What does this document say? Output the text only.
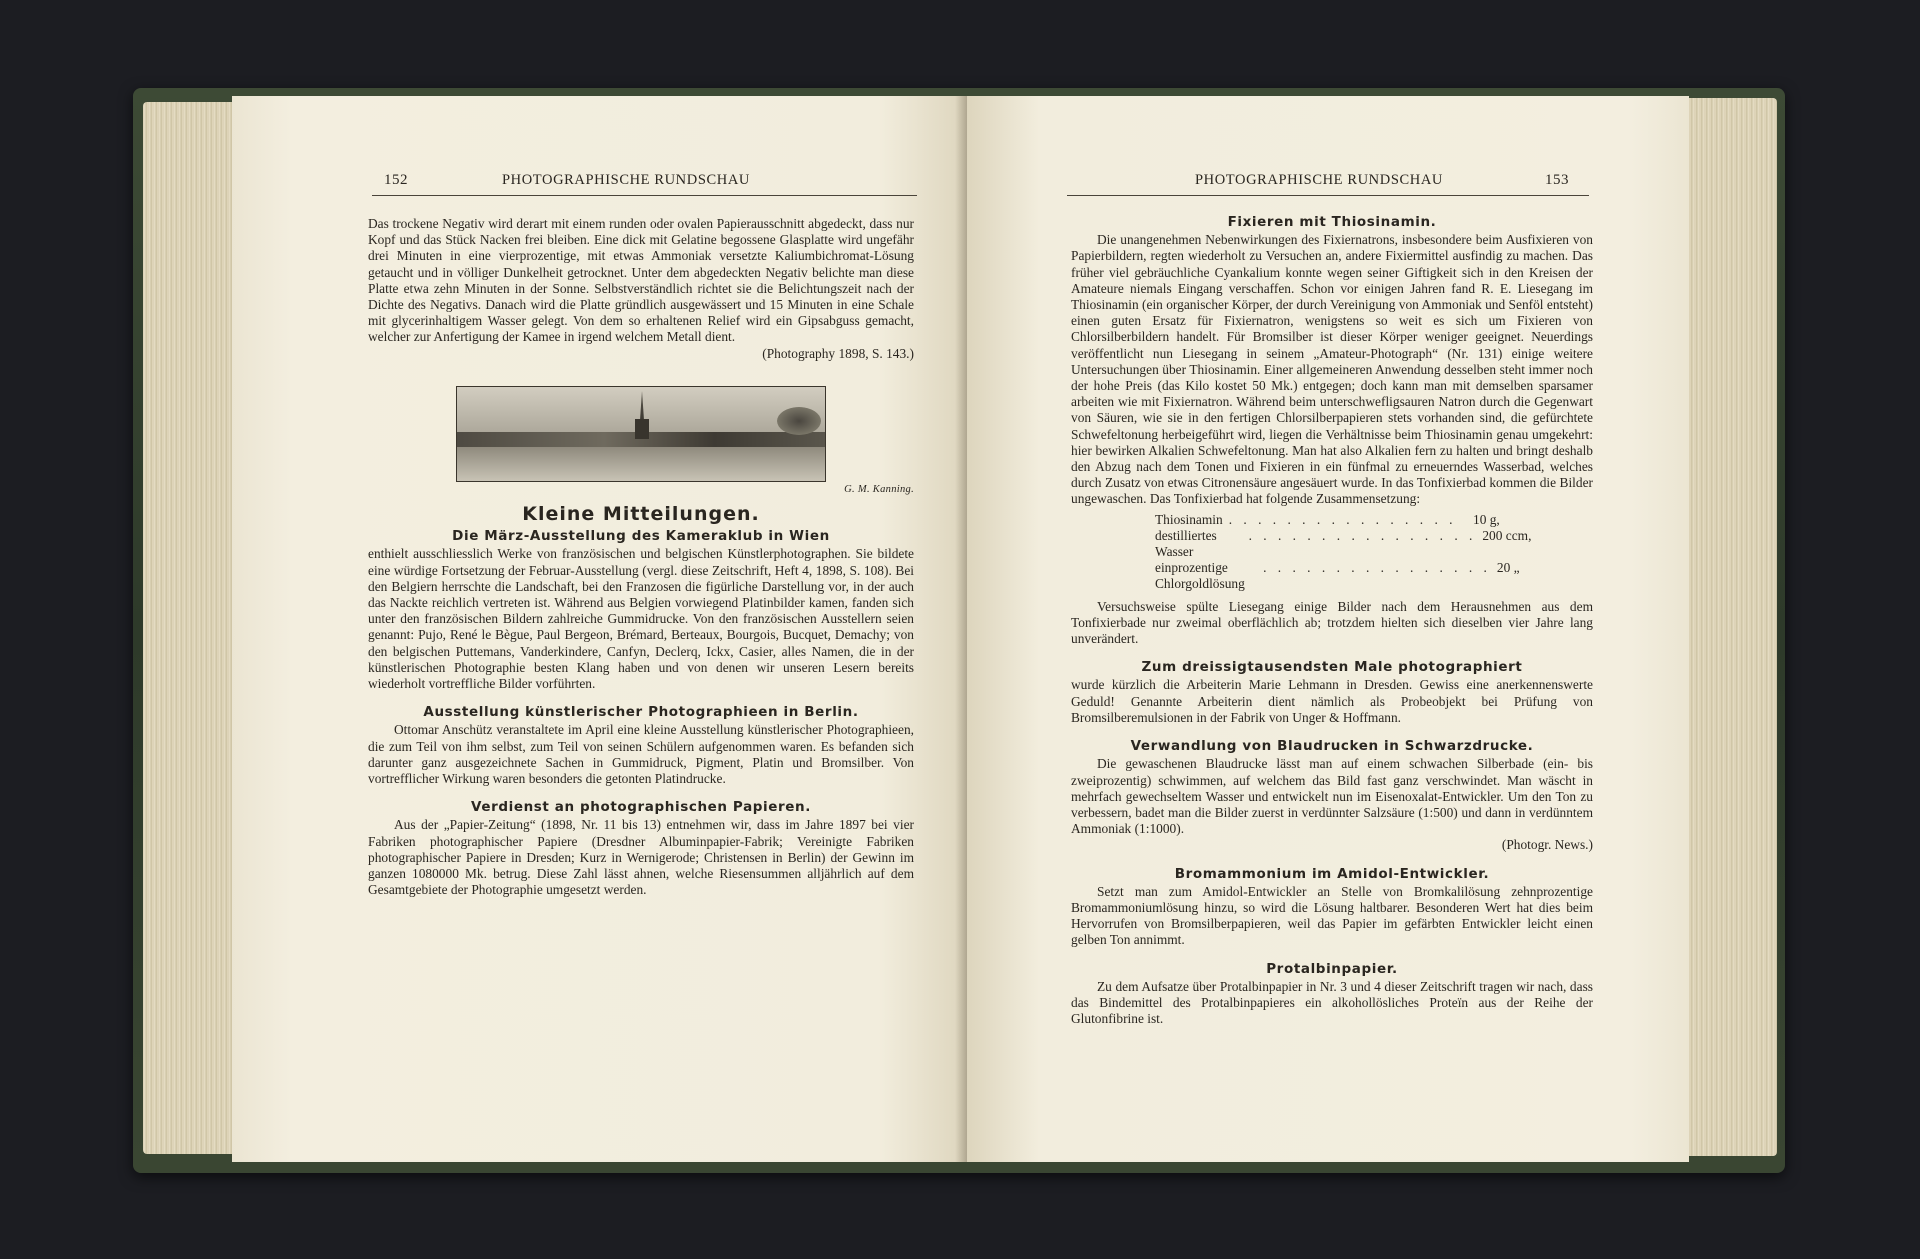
152	PHOTOGRAPHISCHE RUNDSCHAU

Das trockene Negativ wird derart mit einem runden oder ovalen Papierausschnitt abgedeckt, dass nur Kopf und das Stück Nacken frei bleiben. Eine dick mit Gelatine begossene Glasplatte wird ungefähr drei Minuten in eine vierprozentige, mit etwas Ammoniak versetzte Kaliumbichromat-Lösung getaucht und in völliger Dunkelheit getrocknet. Unter dem abgedeckten Negativ belichte man diese Platte etwa zehn Minuten in der Sonne. Selbstverständlich richtet sie die Belichtungszeit nach der Dichte des Negativs. Danach wird die Platte gründlich ausgewässert und 15 Minuten in eine Schale mit glycerinhaltigem Wasser gelegt. Von dem so erhaltenen Relief wird ein Gipsabguss gemacht, welcher zur Anfertigung der Kamee in irgend welchem Metall dient.

(Photography 1898, S. 143.)

G. M. Kanning.

Kleine Mitteilungen.
Die März-Ausstellung des Kameraklub in Wien

enthielt ausschliesslich Werke von französischen und belgischen Künstlerphotographen. Sie bildete eine würdige Fortsetzung der Februar-Ausstellung (vergl. diese Zeitschrift, Heft 4, 1898, S. 108). Bei den Belgiern herrschte die Landschaft, bei den Franzosen die figürliche Darstellung vor, in der auch das Nackte reichlich vertreten ist. Während aus Belgien vorwiegend Platinbilder kamen, fanden sich unter den französischen Bildern zahlreiche Gummidrucke. Von den französischen Ausstellern seien genannt: Pujo, René le Bègue, Paul Bergeon, Brémard, Berteaux, Bourgois, Bucquet, Demachy; von den belgischen Puttemans, Vanderkindere, Canfyn, Declerq, Ickx, Casier, alles Namen, die in der künstlerischen Photographie besten Klang haben und von denen wir unseren Lesern bereits wiederholt vortreffliche Bilder vorführten.

Ausstellung künstlerischer Photographieen in Berlin.

Ottomar Anschütz veranstaltete im April eine kleine Ausstellung künstlerischer Photographieen, die zum Teil von ihm selbst, zum Teil von seinen Schülern aufgenommen waren. Es befanden sich darunter ganz ausgezeichnete Sachen in Gummidruck, Pigment, Platin und Bromsilber. Von vortrefflicher Wirkung waren besonders die getonten Platindrucke.

Verdienst an photographischen Papieren.

Aus der „Papier-Zeitung“ (1898, Nr. 11 bis 13) entnehmen wir, dass im Jahre 1897 bei vier Fabriken photographischer Papiere (Dresdner Albuminpapier-Fabrik; Vereinigte Fabriken photographischer Papiere in Dresden; Kurz in Wernigerode; Christensen in Berlin) der Gewinn im ganzen 1080000 Mk. betrug. Diese Zahl lässt ahnen, welche Riesensummen alljährlich auf dem Gesamtgebiete der Photographie umgesetzt werden.

PHOTOGRAPHISCHE RUNDSCHAU	153
Fixieren mit Thiosinamin.

Die unangenehmen Nebenwirkungen des Fixiernatrons, insbesondere beim Ausfixieren von Papierbildern, regten wiederholt zu Versuchen an, andere Fixiermittel ausfindig zu machen. Das früher viel gebräuchliche Cyankalium konnte wegen seiner Giftigkeit sich in den Kreisen der Amateure niemals Eingang verschaffen. Schon vor einigen Jahren fand R. E. Liesegang im Thiosinamin (ein organischer Körper, der durch Vereinigung von Ammoniak und Senföl entsteht) einen guten Ersatz für Fixiernatron, wenigstens so weit es sich um Fixieren von Chlorsilberbildern handelt. Für Bromsilber ist dieser Körper weniger geeignet. Neuerdings veröffentlicht nun Liesegang in seinem „Amateur-Photograph“ (Nr. 131) einige weitere Untersuchungen über Thiosinamin. Einer allgemeineren Anwendung desselben steht immer noch der hohe Preis (das Kilo kostet 50 Mk.) entgegen; doch kann man mit demselben sparsamer arbeiten wie mit Fixiernatron. Während beim unterschwefligsauren Natron durch die Gegenwart von Säuren, wie sie in den fertigen Chlorsilberpapieren stets vorhanden sind, die gefürchtete Schwefeltonung herbeigeführt wird, liegen die Verhältnisse beim Thiosinamin genau umgekehrt: hier bewirken Alkalien Schwefeltonung. Man hat also Alkalien fern zu halten und bringt deshalb den Abzug nach dem Tonen und Fixieren in ein fünfmal zu erneuerndes Wasserbad, welches durch Zusatz von etwas Citronensäure angesäuert wurde. In das Tonfixierbad kommen die Bilder ungewaschen. Das Tonfixierbad hat folgende Zusammensetzung:

Thiosinamin . . . . . . . . . . . . . . . .	10 g,
destilliertes Wasser
. . . . . . . . . . . . . . . . 200 ccm,
einprozentige Chlorgoldlösung
. . . . . . . . . . . . . . . . 20 „

Versuchsweise spülte Liesegang einige Bilder nach dem Herausnehmen aus dem Tonfixierbade nur zweimal oberflächlich ab; trotzdem hielten sich dieselben vier Jahre lang unverändert.

Zum dreissigtausendsten Male photographiert

wurde kürzlich die Arbeiterin Marie Lehmann in Dresden. Gewiss eine anerkennenswerte Geduld! Genannte Arbeiterin dient nämlich als Probeobjekt bei Prüfung von Bromsilberemulsionen in der Fabrik von Unger & Hoffmann.

Verwandlung von Blaudrucken in Schwarzdrucke.

Die gewaschenen Blaudrucke lässt man auf einem schwachen Silberbade (ein- bis zweiprozentig) schwimmen, auf welchem das Bild fast ganz verschwindet. Man wäscht in mehrfach gewechseltem Wasser und entwickelt nun im Eisenoxalat-Entwickler. Um den Ton zu verbessern, badet man die Bilder zuerst in verdünnter Salzsäure (1:500) und dann in verdünntem Ammoniak (1:1000).

(Photogr. News.)

Bromammonium im Amidol-Entwickler.

Setzt man zum Amidol-Entwickler an Stelle von Bromkalilösung zehnprozentige Bromammoniumlösung hinzu, so wird die Lösung haltbarer. Besonderen Wert hat dies beim Hervorrufen von Bromsilberpapieren, weil das Papier im gefärbten Entwickler leicht einen gelben Ton annimmt.

Protalbinpapier.

Zu dem Aufsatze über Protalbinpapier in Nr. 3 und 4 dieser Zeitschrift tragen wir nach, dass das Bindemittel des Protalbinpapieres ein alkohollösliches Proteïn aus der Reihe der Glutonfibrine ist.
